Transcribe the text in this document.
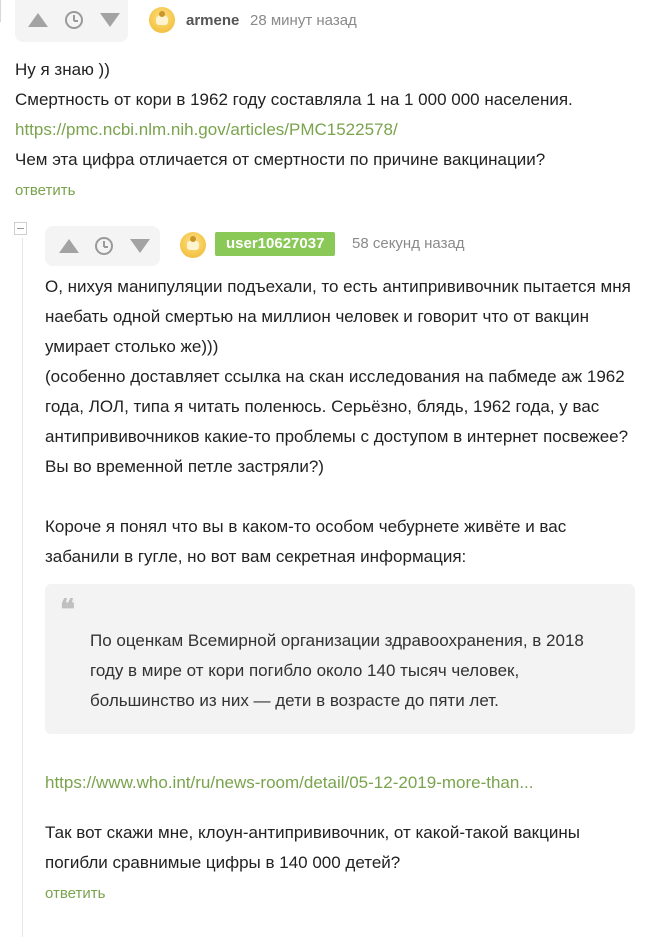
armene 28 минут назад

Ну я знаю ))

Смертность от кори в 1962 году составляла 1 на 1 000 000 населения.

https://pmc.ncbi.nlm.nih.gov/articles/PMC1522578/

Чем эта цифра отличается от смертности по причине вакцинации?

ответить
user10627037	58 секунд назад

О, нихуя манипуляции подъехали, то есть антипрививочник пытается мня наебать одной смертью на миллион человек и говорит что от вакцин умирает столько же)))

(особенно доставляет ссылка на скан исследования на пабмеде аж 1962 года, ЛОЛ, типа я читать поленюсь. Серьёзно, блядь, 1962 года, у вас антипрививочников какие-то проблемы с доступом в интернет посвежее? Вы во временной петле застряли?)

Короче я понял что вы в каком-то особом чебурнете живёте и вас забанили в гугле, но вот вам секретная информация:

❝

По оценкам Всемирной организации здравоохранения, в 2018 году в мире от кори погибло около 140 тысяч человек, большинство из них — дети в возрасте до пяти лет.

https://www.who.int/ru/news-room/detail/05-12-2019-more-than...

Так вот скажи мне, клоун-антипрививочник, от какой-такой вакцины погибли сравнимые цифры в 140 000 детей?

ответить
